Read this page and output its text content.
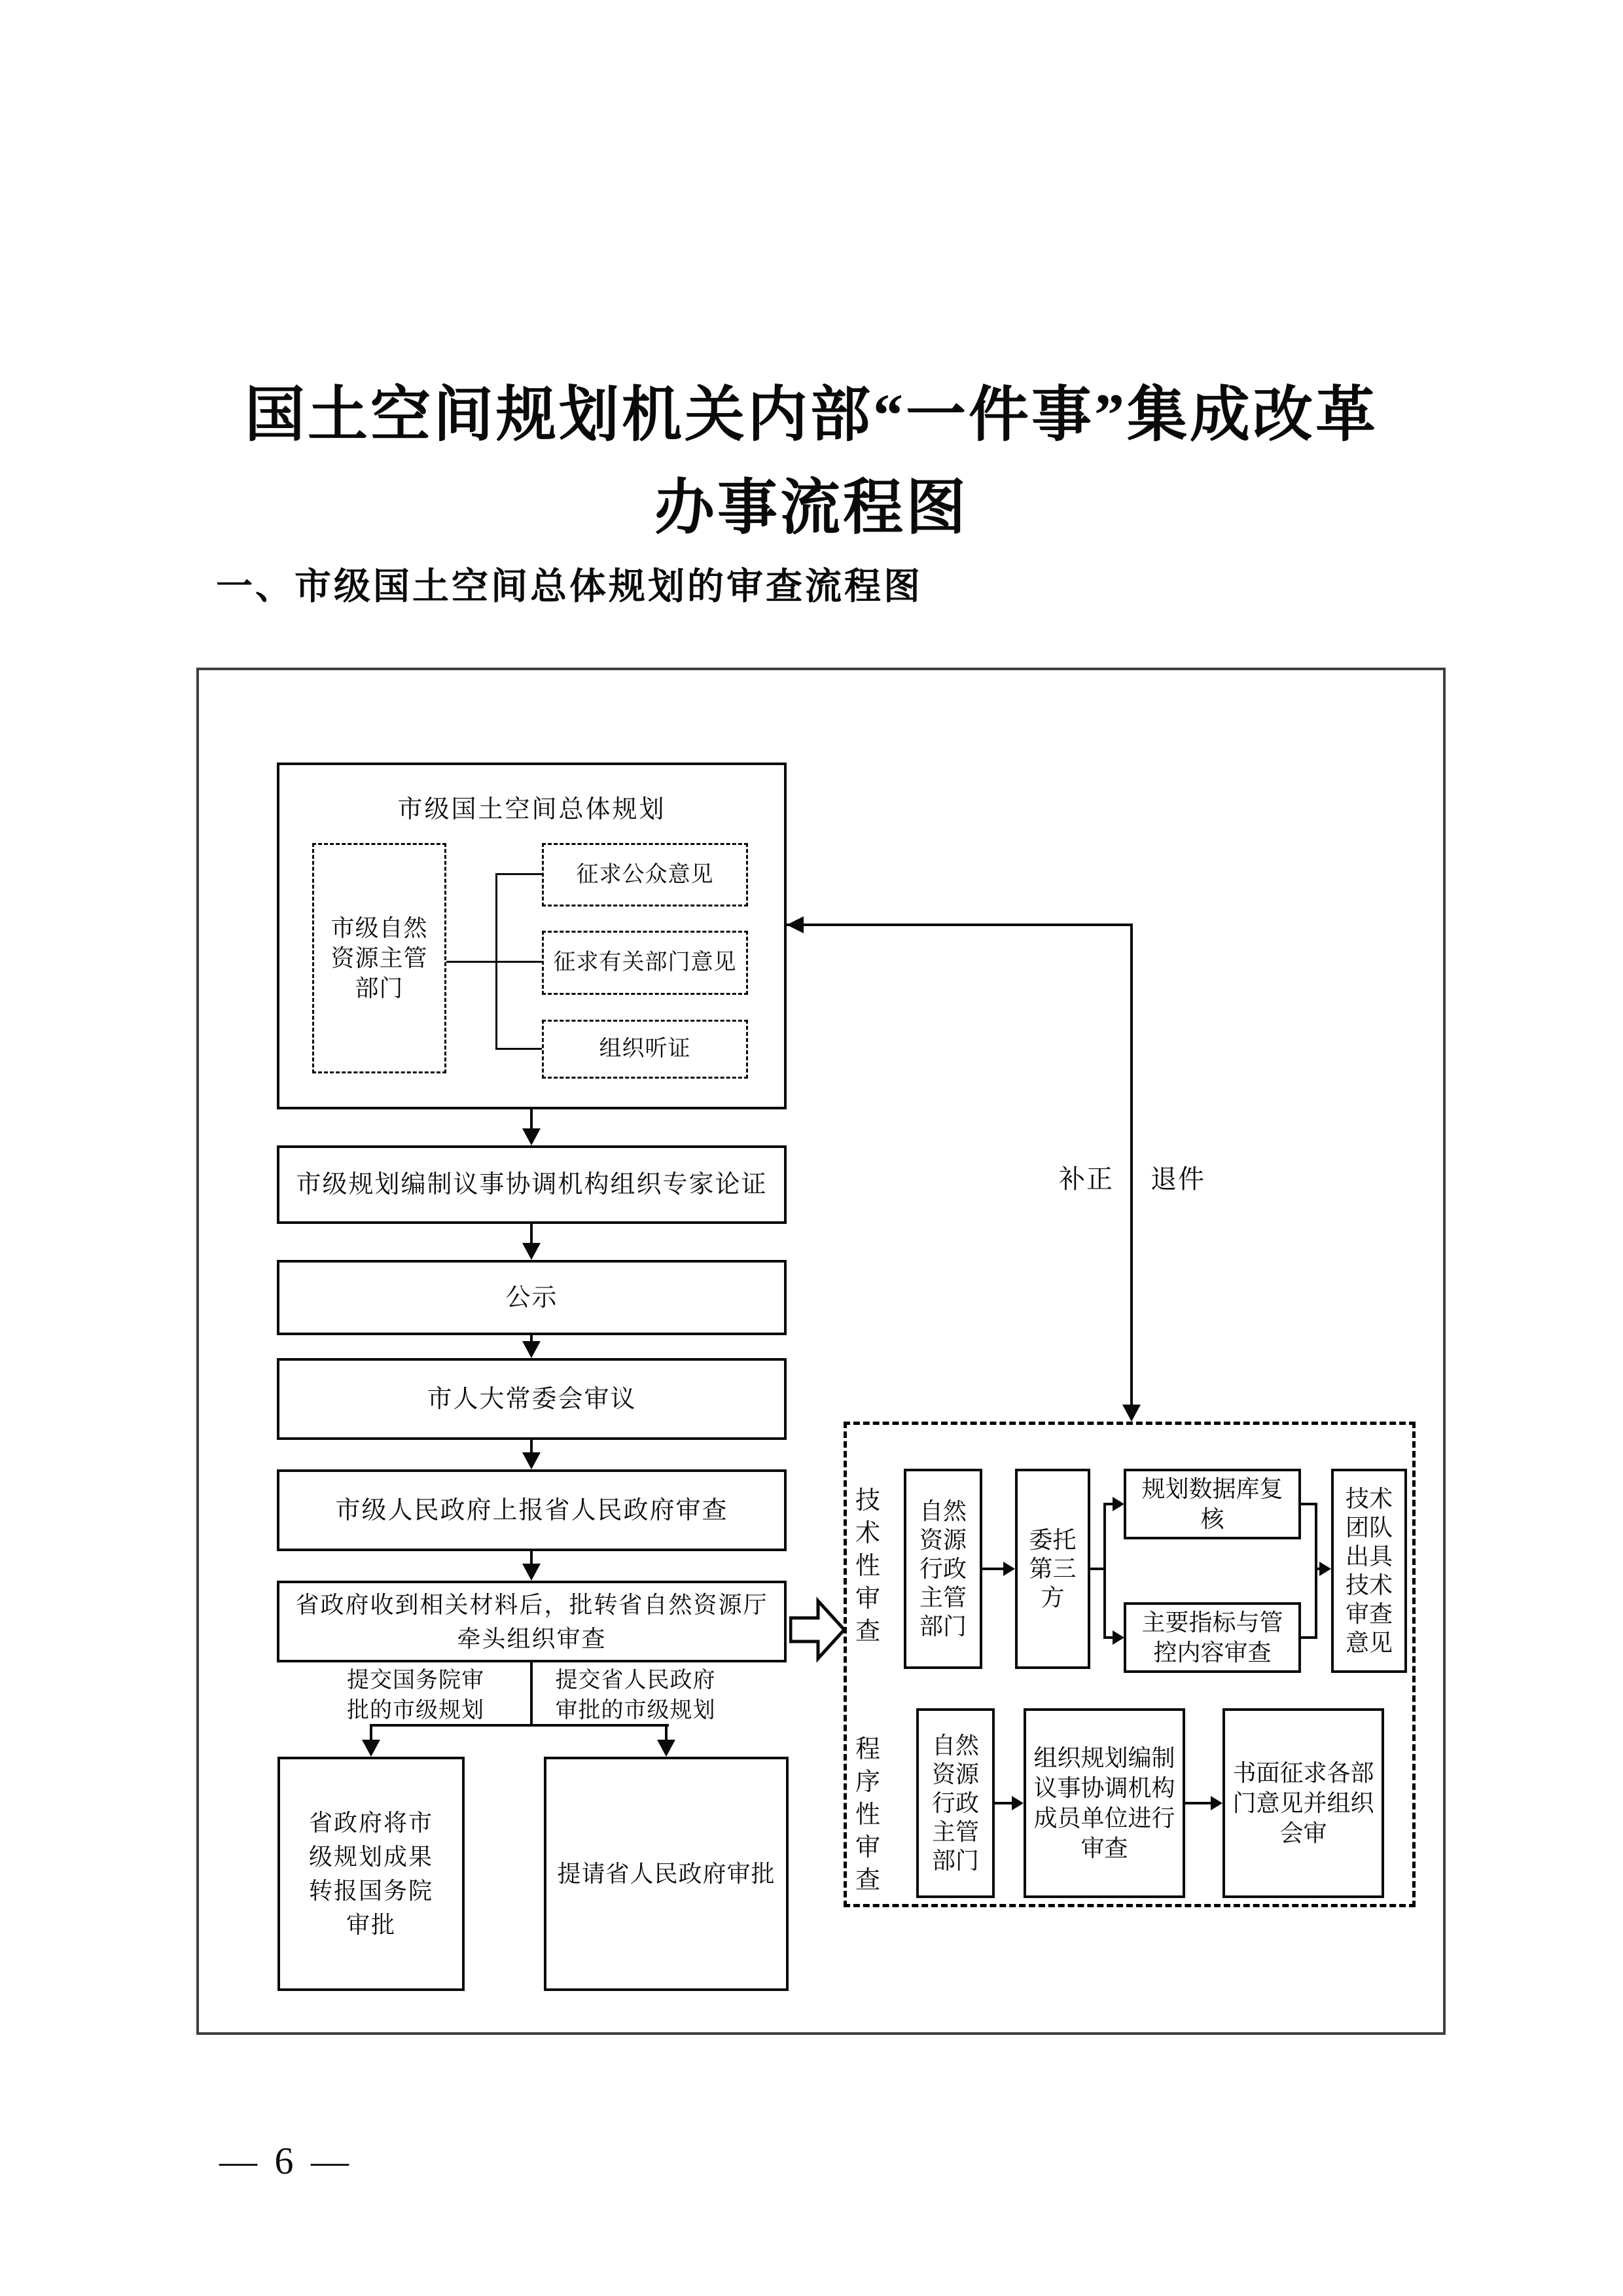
国土空间规划机关内部“一件事”集成改革
办事流程图
一、市级国土空间总体规划的审查流程图
市级国土空间总体规划
市级自然资源主管部门
征求公众意见
征求有关部门意见
组织听证
市级规划编制议事协调机构组织专家论证
公示
市人大常委会审议
市级人民政府上报省人民政府审查
省政府收到相关材料后，批转省自然资源厅牵头组织审查
提交国务院审批的市级规划
提交省人民政府审批的市级规划
省政府将市级规划成果转报国务院审批
提请省人民政府审批
补正	退件
技术性审查
自然资源行政主管部门
委托第三方
规划数据库复核
主要指标与管控内容审查
技术团队出具技术审查意见
程序性审查
自然资源行政主管部门
组织规划编制议事协调机构成员单位进行审查
书面征求各部门意见并组织会审
— 6 —
